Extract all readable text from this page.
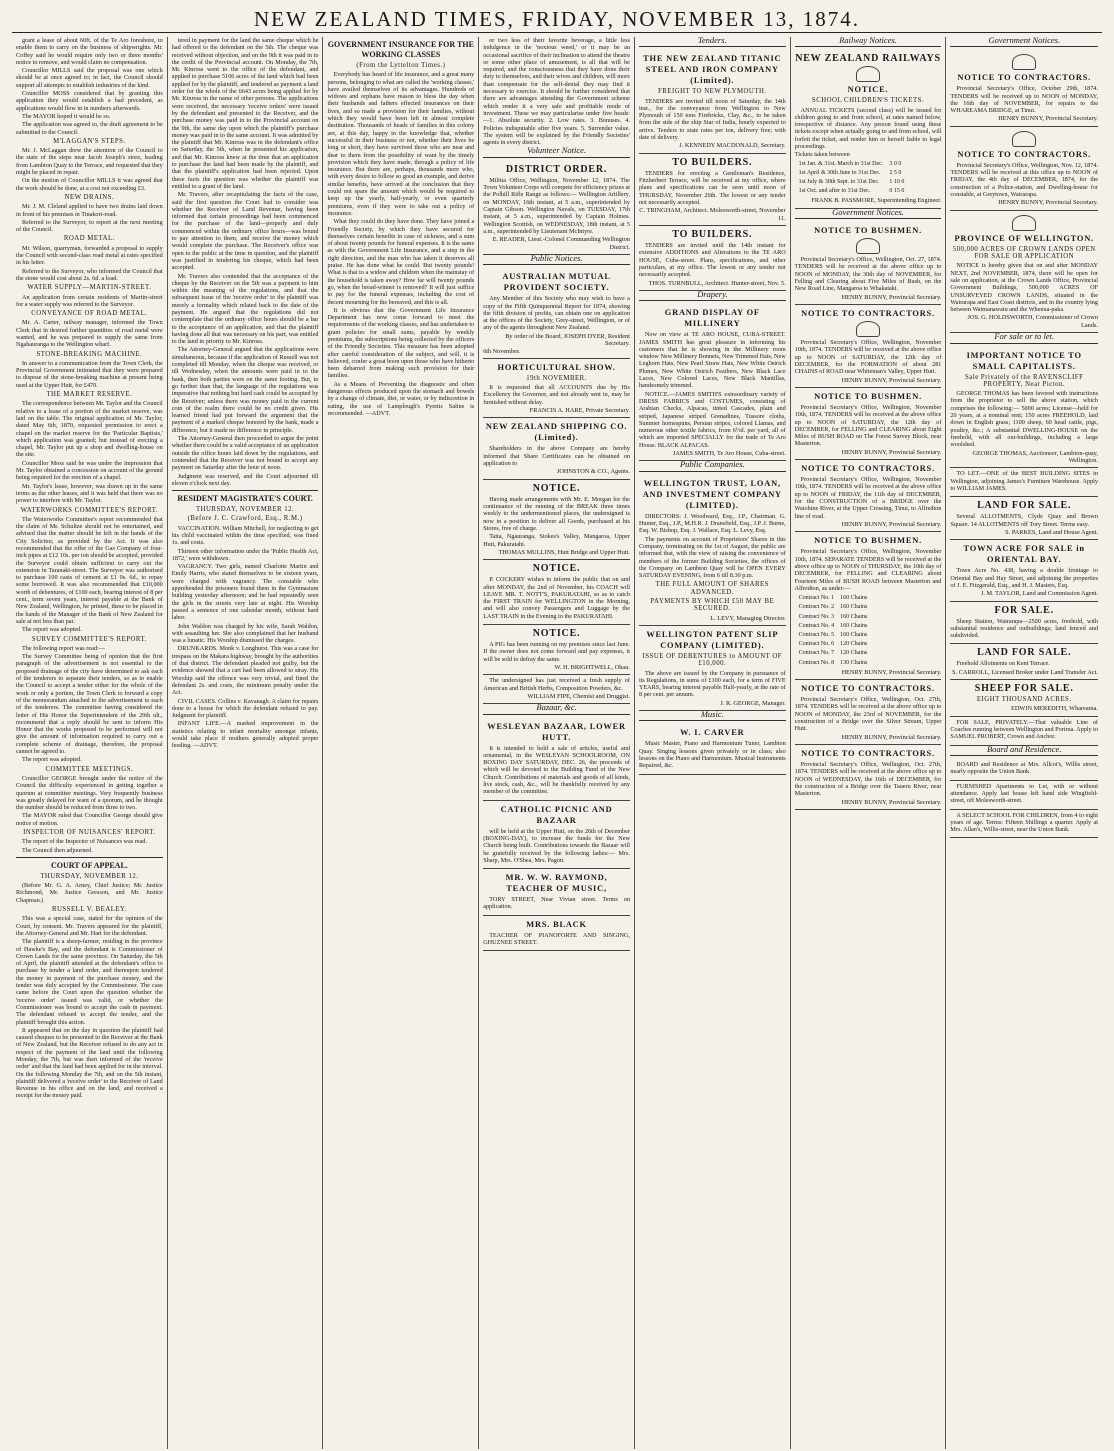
NEW ZEALAND TIMES, FRIDAY, NOVEMBER 13, 1874.

grant a lease of about 60ft. of the Te Aro foreshore, to enable them to carry on the business of shipwrights. Mr. Coffey said he would require only two or three months' notice to remove, and would claim no compensation.

Councillor MILLS said the proposal was one which should be at once agreed to; in fact, the Council should support all attempts to establish industries of the kind.

Councillor MOSS considered that by granting this application they would establish a bad precedent, as applications would flow in in numbers afterwards.

The MAYOR hoped it would be so.

The application was agreed to, the draft agreement to be submitted to the Council.

M'LAGGAN'S STEPS.

Mr. J. McLaggan drew the attention of the Council to the state of the steps near Jacob Joseph's store, leading from Lambton Quay to the Terrace, and requested that they might be placed in repair.

On the motion of Councillor MILLS it was agreed that the work should be done, at a cost not exceeding £3.

NEW DRAINS.

Mr. J. M. Cleland applied to have two drains laid down in front of his premises in Tinakori-road.

Referred to the Surveyor, to report at the next meeting of the Council.

ROAD METAL.

Mr. Wilson, quarryman, forwarded a proposal to supply the Council with second-class road metal at rates specified in his letter.

Referred to the Surveyor, who informed the Council that the stone would cost about 2s. 6d. a load.

WATER SUPPLY—MARTIN-STREET.

An application from certain residents of Martin-street for a water supply was referred to the Surveyor.

CONVEYANCE OF ROAD METAL.

Mr. A. Carter, railway manager, informed the Town Clerk that in desired further quantities of road metal were wanted, and he was prepared to supply the same from Ngahauranga to the Wellington wharf.

STONE-BREAKING MACHINE.

In answer to a communication from the Town Clerk, the Provincial Government intimated that they were prepared to dispose of the stone-breaking machine at present being used at the Upper Hutt, for £470.

THE MARKET RESERVE.

The correspondence between Mr. Taylor and the Council relative to a lease of a portion of the market reserve, was laid on the table. The original application of Mr. Taylor, dated May 6th, 1870, requested permission to erect a chapel on the market reserve for the 'Particular Baptists,' which application was granted; but instead of erecting a chapel, Mr. Taylor put up a shop and dwelling-house on the site.

Councillor Moss said he was under the impression that Mr. Taylor obtained a concession on account of the ground being required for the erection of a chapel.

Mr. Taylor's lease, however, was drawn up in the same terms as the other leases, and it was held that there was no power to interfere with Mr. Taylor.

WATERWORKS COMMITTEE'S REPORT.

The Waterworks Committee's report recommended that the claim of Mr. Schultze should not be entertained, and advised that the matter should be left in the hands of the City Solicitor, as provided by the Act. It was also recommended that the offer of the Gas Company of four-inch pipes at £12 10s. per ton should be accepted, provided the Surveyor could obtain sufficient to carry out the extension in Taranaki-street. The Surveyor was authorised to purchase 100 casts of cement at £1 0s. 6d., to repay some borrowed. It was also recommended that £10,000 worth of debentures, of £100 each, bearing interest of 8 per cent., term seven years, interest payable at the Bank of New Zealand, Wellington, be printed, these to be placed in the hands of the Manager of the Bank of New Zealand for sale at not less than par.

The report was adopted.

SURVEY COMMITTEE'S REPORT.

The following report was read:—

The Survey Committee being of opinion that the first paragraph of the advertisement is not essential to the proposed drainage of the city have determined to ask each of the tenderers to separate their tenders, so as to enable the Council to accept a tender either for the whole of the work or only a portion, the Town Clerk to forward a copy of the memorandum attached to the advertisement to each of the tenderers. The committee having considered the letter of His Honor the Superintendent of the 29th ult., recommend that a reply should be sent to inform His Honor that the works proposed to be performed will not give the amount of information required to carry out a complete scheme of drainage, therefore, the proposal cannot be agreed to.

The report was adopted.

COMMITTEE MEETINGS.

Councillor GEORGE brought under the notice of the Council the difficulty experienced in getting together a quorum at committee meetings. Very frequently business was greatly delayed for want of a quorum, and he thought the number should be reduced from three to two.

The MAYOR ruled that Councillor George should give notice of motion.

INSPECTOR OF NUISANCES' REPORT.

The report of the Inspector of Nuisances was read.

The Council then adjourned.

COURT OF APPEAL.
THURSDAY, NOVEMBER 12.

(Before Mr. G. A. Arney, Chief Justice; Mr. Justice Richmond, Mr. Justice Gresson, and Mr. Justice Chapman.)

RUSSELL V. BEALEY.

This was a special case, stated for the opinion of the Court, by consent. Mr. Travers appeared for the plaintiff, the Attorney-General and Mr. Hart for the defendant.

The plaintiff is a sheep-farmer, residing in the province of Hawke's Bay, and the defendant is Commissioner of Crown Lands for the same province. On Saturday, the 5th of April, the plaintiff attended at the defendant's office to purchase by tender a land order, and thereupon tendered the money in payment of the purchase money, and the tender was duly accepted by the Commissioner. The case came before the Court upon the question whether the 'receive order' issued was valid, or whether the Commissioner was bound to accept the cash in payment. The defendant refused to accept the tender, and the plaintiff brought this action.

It appeared that on the day in question the plaintiff had caused cheques to be presented to the Receiver at the Bank of New Zealand, but the Receiver refused to do any act in respect of the payment of the land until the following Monday, the 7th, but was then informed of the 'receive order' and that the land had been applied for in the interval. On the following Monday the 7th, and on the 5th instant, plaintiff delivered a 'receive order' to the Receiver of Land Revenue in his office and on the land, and received a receipt for the money paid.

tered in payment for the land the same cheque which he had offered to the defendant on the 5th. The cheque was received without objection, and on the 9th it was paid in to the credit of the Provincial account. On Monday, the 7th, Mr. Kinross went to the office of the defendant, and applied to purchase 5106 acres of the land which had been applied for by the plaintiff, and tendered as payment a land order for the whole of the 6643 acres being applied for by Mr. Kinross in the name of other persons. The applications were received, the necessary 'receive orders' were issued by the defendant and presented to the Receiver, and the purchase money was paid in to the Provincial account on the 9th, the same day upon which the plaintiff's purchase money was paid in to the same account. It was admitted by the plaintiff that Mr. Kinross was in the defendant's office on Saturday, the 5th, when he presented his application, and that Mr. Kinross knew at the time that an application to purchase the land had been made by the plaintiff, and that the plaintiff's application had been rejected. Upon these facts the question was whether the plaintiff was entitled to a grant of the land.

Mr. Travers, after recapitulating the facts of the case, said the first question the Court had to consider was whether the Receiver of Land Revenue, having been informed that certain proceedings had been commenced for the purchase of the land—properly and duly commenced within the ordinary office hours—was bound to pay attention to them, and receive the money which would complete the purchase. The Receiver's office was open to the public at the time in question, and the plaintiff was justified in tendering his cheque, which had been accepted.

Mr. Travers also contended that the acceptance of the cheque by the Receiver on the 5th was a payment to him within the meaning of the regulations, and that the subsequent issue of the 'receive order' to the plaintiff was merely a formality which related back to the date of the payment. He argued that the regulations did not contemplate that the ordinary office hours should be a bar to the acceptance of an application, and that the plaintiff having done all that was necessary on his part, was entitled to the land in priority to Mr. Kinross.

The Attorney-General argued that the applications were simultaneous, because if the application of Russell was not completed till Monday, when the cheque was received, or till Wednesday, when the amounts were paid in to the bank, then both parties were on the same footing. But, to go further than that, the language of the regulations was imperative that nothing but hard cash could be accepted by the Receiver; unless there was money paid in the current coin of the realm there could be no credit given. His learned friend had put forward the argument that the payment of a marked cheque honored by the bank, made a difference, but it made no difference in principle.

The Attorney-General then proceeded to argue the point whether there could be a valid acceptance of an application outside the office hours laid down by the regulations, and contended that the Receiver was not bound to accept any payment on Saturday after the hour of noon.

Judgment was reserved, and the Court adjourned till eleven o'clock next day.

RESIDENT MAGISTRATE'S COURT.
THURSDAY, NOVEMBER 12.
(Before J. C. Crawford, Esq., R.M.)

VACCINATION. William Mitchell, for neglecting to get his child vaccinated within the time specified, was fined 1s. and costs.

Thirteen other information under the 'Public Health Act, 1872,' were withdrawn.

VAGRANCY. Two girls, named Charlotte Martin and Emily Harris, who stated themselves to be sixteen years, were charged with vagrancy. The constable who apprehended the prisoners found them in the Gymnasium building yesterday afternoon; and he had repeatedly seen the girls in the streets very late at night. His Worship passed a sentence of one calendar month, without hard labor.

John Waldon was charged by his wife, Sarah Waldon, with assaulting her. She also complained that her husband was a lunatic. His Worship dismissed the charges.

DRUNKARDS. Monk v. Longhurst. This was a case for trespass on the Makara highway, brought by the authorities of that district. The defendant pleaded not guilty, but the evidence showed that a cart had been allowed to stray. His Worship said the offence was very trivial, and fined the defendant 2s. and costs, the minimum penalty under the Act.

CIVIL CASES. Collins v. Kavanagh. A claim for repairs done to a house for which the defendant refused to pay. Judgment for plaintiff.

INFANT LIFE.—A marked improvement in the statistics relating to infant mortality amongst infants, would take place if mothers generally adopted proper feeding. —ADVT.

GOVERNMENT INSURANCE FOR THE WORKING CLASSES
(From the Lyttelton Times.)

Everybody has heard of life insurance, and a great many persons, belonging to what are called the 'working classes,' have availed themselves of its advantages. Hundreds of widows and orphans have reason to bless the day when their husbands and fathers effected insurances on their lives, and so made a provision for their families, without which they would have been left in almost complete destitution. Thousands of heads of families in this colony are, at this day, happy in the knowledge that, whether successful in their business or not, whether their lives be long or short, they have survived those who are near and dear to them from the possibility of want by the timely provision which they have made, through a policy of life insurance. But there are, perhaps, thousands more who, with every desire to follow so good an example, and derive similar benefits, have arrived at the conclusion that they could not spare the amount which would be required to keep up the yearly, half-yearly, or even quarterly premiums, even if they were to take out a policy of insurance.

What they could do they have done. They have joined a Friendly Society, by which they have secured for themselves certain benefits in case of sickness, and a sum of about twenty pounds for funeral expenses. It is the same as with the Government Life Insurance, and a step in the right direction, and the man who has taken it deserves all praise. He has done what he could. But twenty pounds! What is that to a widow and children when the mainstay of the household is taken away? How far will twenty pounds go, when the bread-winner is removed? It will just suffice to pay for the funeral expenses, including the cost of decent mourning for the bereaved, and this is all.

It is obvious that the Government Life Insurance Department has now come forward to meet the requirements of the working classes, and has undertaken to grant policies for small sums, payable by weekly premiums, the subscriptions being collected by the officers of the Friendly Societies. This measure has been adopted after careful consideration of the subject, and will, it is believed, confer a great boon upon those who have hitherto been debarred from making such provision for their families.

As a Means of Preventing the diagnostic and often dangerous effects produced upon the stomach and bowels by a change of climate, diet, or water, or by indiscretion in eating, the use of Lamplough's Pyretic Saline is recommended. —ADVT.

or two less of their favorite beverage, a little less indulgence in the 'noxious weed,' or it may be an occasional sacrifice of their inclination to attend the theatre or some other place of amusement, is all that will be required, and the consciousness that they have done their duty to themselves, and their wives and children, will more than compensate for the self-denial they may find it necessary to exercise. It should be further considered that there are advantages attending the Government scheme which render it a very safe and profitable mode of investment. These we may particularise under five heads:—1. Absolute security. 2. Low rates. 3. Bonuses. 4. Policies indisputable after five years. 5. Surrender value. The system will be explained by the Friendly Societies' agents in every district.

Volunteer Notice.
DISTRICT ORDER.

Militia Office, Wellington, November 12, 1874. The Town Volunteer Corps will compete for efficiency prizes at the Polhill Rifle Range as follows:— Wellington Artillery, on MONDAY, 16th instant, at 5 a.m., superintended by Captain Gibson. Wellington Navals, on TUESDAY, 17th instant, at 5 a.m., superintended by Captain Holmes. Wellington Scottish, on WEDNESDAY, 18th instant, at 5 a.m., superintended by Lieutenant McIntyre.

E. READER, Lieut.-Colonel Commanding Wellington District.
Public Notices.
AUSTRALIAN MUTUAL PROVIDENT SOCIETY.

Any Member of this Society who may wish to have a copy of the Fifth Quinquennial Report for 1874, showing the fifth division of profits, can obtain one on application at the offices of the Society, Grey-street, Wellington, or of any of the agents throughout New Zealand.

By order of the Board, JOSEPH DYER, Resident Secretary.
6th November.
HORTICULTURAL SHOW.
19th NOVEMBER.

It is requested that all ACCOUNTS due by His Excellency the Governor, and not already sent in, may be furnished without delay.

FRANCIS A. HARE, Private Secretary.
NEW ZEALAND SHIPPING CO. (Limited).

Shareholders in the above Company are hereby informed that Share Certificates can be obtained on application to

JOHNSTON & CO., Agents.
NOTICE.

Having made arrangements with Mr. E. Morgan for the continuance of the running of the BREAK three times weekly to the undermentioned places, the undersigned is now in a position to deliver all Goods, purchased at his Stores, free of charge.

Taita, Ngauranga, Stokes's Valley, Mangaroa, Upper Hutt, Pakuratahi.

THOMAS MULLINS, Hutt Bridge and Upper Hutt.
NOTICE.

P. COCKERY wishes to inform the public that on and after MONDAY, the 2nd of November, his COACH will LEAVE MR. T. NOTT'S, PAKURATAHI, so as to catch the FIRST TRAIN for WELLINGTON in the Morning, and will also convey Passengers and Luggage by the LAST TRAIN in the Evening to the PAKURATAHI.

NOTICE.

A PIG has been running on my premises since last June. If the owner does not come forward and pay expenses, it will be sold to defray the same.

W. H. BRIGHTWELL, Ohau.

The undersigned has just received a fresh supply of American and British Herbs, Composition Powders, &c.

WILLIAM FIPE, Chemist and Druggist.
Bazaar, &c.
WESLEYAN BAZAAR, LOWER HUTT.

It is intended to hold a sale of articles, useful and ornamental, in the WESLEYAN SCHOOLROOM, ON BOXING DAY SATURDAY, DEC. 26, the proceeds of which will be devoted to the Building Fund of the New Church. Contributions of materials and goods of all kinds, live stock, cash, &c., will be thankfully received by any member of the committee.

CATHOLIC PICNIC AND BAZAAR

will be held at the Upper Hutt, on the 26th of December (BOXING-DAY), to increase the funds for the New Church being built. Contributions towards the Bazaar will be gratefully received by the following ladies:— Mrs. Sharp, Mrs. O'Shea, Mrs. Pagon.

MR. W. W. RAYMOND, TEACHER OF MUSIC,

TORY STREET, Near Vivian street. Terms on application.

MRS. BLACK

TEACHER OF PIANOFORTE AND SINGING, GHUZNEE STREET.

Tenders.
THE NEW ZEALAND TITANIC STEEL AND IRON COMPANY (Limited).
FREIGHT TO NEW PLYMOUTH.

TENDERS are invited till noon of Saturday, the 14th inst., for the conveyance from Wellington to New Plymouth of 150 tons Firebricks, Clay, &c., to be taken from the side of the ship Star of India, hourly expected to arrive. Tenders to state rates per ton, delivery free; with date of delivery.

J. KENNEDY MACDONALD, Secretary.
TO BUILDERS.

TENDERS for erecting a Gentleman's Residence, Fitzherbert Terrace, will be received at my office, where plans and specifications can be seen until noon of THURSDAY, November 26th. The lowest or any tender not necessarily accepted.

C. TRINGHAM, Architect. Molesworth-street, November 11.
TO BUILDERS.

TENDERS are invited until the 14th instant for extensive ADDITIONS and Alterations to the TE ARO HOUSE, Cuba-street. Plans, specifications, and other particulars, at my office. The lowest or any tender not necessarily accepted.

THOS. TURNBULL, Architect. Hunter-street, Nov. 5.
Drapery.
GRAND DISPLAY OF MILLINERY

Now on view at TE ARO HOUSE, CUBA-STREET. JAMES SMITH has great pleasure in informing his customers that he is showing in the Millinery room window New Millinery Bonnets, New Trimmed Hats, New Leghorn Hats, New Pearl Straw Hats, New White Ostrich Plumes, New White Ostrich Feathers, New Black Lace Laces, New Colored Laces, New Black Mantillas, handsomely trimmed.

NOTICE.—JAMES SMITH'S extraordinary variety of DRESS FABRICS and COSTUMES, consisting of Arabian Checks, Alpacas, tinted Cascades, plain and striped, Japanese striped Grenadines, Tussore cloths, Summer homespuns, Persian stripes, colored Llamas, and numerous other textile fabrics, from 6½d. per yard, all of which are imported SPECIALLY for the trade of Te Aro House. BLACK ALPACAS.

JAMES SMITH, Te Aro House, Cuba-street.
Public Companies.
WELLINGTON TRUST, LOAN, AND INVESTMENT COMPANY (LIMITED).

DIRECTORS: J. Woodward, Esq., J.P., Chairman. G. Hunter, Esq., J.P., M.H.R. J. Dransfield, Esq., J.P. J. Burne, Esq. W. Bishop, Esq. J. Wallace, Esq. L. Levy, Esq.

The payments on account of Proprietors' Shares in this Company, terminating on the 1st of August, the public are informed that, with the view of raising the convenience of members of the former Building Societies, the offices of the Company on Lambton Quay will be OPEN EVERY SATURDAY EVENING, from 6 till 8.30 p.m.

THE FULL AMOUNT OF SHARES ADVANCED.
PAYMENTS BY WHICH £50 MAY BE SECURED.
L. LEVY, Managing Director.
WELLINGTON PATENT SLIP COMPANY (LIMITED).
ISSUE OF DEBENTURES to AMOUNT OF £10,000.

The above are issued by the Company in pursuance of its Regulations, in sums of £100 each, for a term of FIVE YEARS, bearing interest payable Half-yearly, at the rate of 8 per cent. per annum.

J. R. GEORGE, Manager.
Music.
W. I. CARVER

Music Master, Piano and Harmonium Tuner, Lambton Quay. Singing lessons given privately or in class; also lessons on the Piano and Harmonium. Musical Instruments Repaired, &c.

Railway Notices.
NEW ZEALAND RAILWAYS
NOTICE.
SCHOOL CHILDREN'S TICKETS.

ANNUAL TICKETS (second class) will be issued for children going to and from school, at rates named below, irrespective of distance. Any person found using these tickets except when actually going to and from school, will forfeit the ticket, and render him or herself liable to legal proceedings.

Tickets taken between
1st Jan. & 31st. March to 31st Dec.	3 0 0
1st April & 30th June to 31st Dec.	2 5 0
1st July & 30th Sept. to 31st Dec.	1 10 0
1st Oct. and after to 31st Dec.	0 15 0
FRANK B. PASSMORE, Superintending Engineer.
Government Notices.
NOTICE TO BUSHMEN.

Provincial Secretary's Office, Wellington, Oct. 27, 1874. TENDERS will be received at the above office up to NOON of MONDAY, the 30th day of NOVEMBER, for Felling and Clearing about Five Miles of Bush, on the New Road Line, Mangaroa to Whakataki.

HENRY BUNNY, Provincial Secretary.
NOTICE TO CONTRACTORS.

Provincial Secretary's Office, Wellington, November 10th, 1874. TENDERS will be received at the above office up to NOON of SATURDAY, the 12th day of DECEMBER, for the FORMATION of about 281 CHAINS of ROAD near Whiteman's Valley, Upper Hutt.

HENRY BUNNY, Provincial Secretary.
NOTICE TO BUSHMEN.

Provincial Secretary's Office, Wellington, November 10th, 1874. TENDERS will be received at the above office up to NOON of SATURDAY, the 12th day of DECEMBER, for FELLING and CLEARING about Eight Miles of BUSH ROAD on The Forest Survey Block, near Masterton.

HENRY BUNNY, Provincial Secretary.
NOTICE TO CONTRACTORS.

Provincial Secretary's Office, Wellington, November 10th, 1874. TENDERS will be received at the above office up to NOON of FRIDAY, the 11th day of DECEMBER, for the CONSTRUCTION of a BRIDGE over the Waiohine River, at the Upper Crossing, Tinui, to Alfredton line of road.

HENRY BUNNY, Provincial Secretary.
NOTICE TO BUSHMEN.

Provincial Secretary's Office, Wellington, November 10th, 1874. SEPARATE TENDERS will be received at the above office up to NOON of THURSDAY, the 10th day of DECEMBER, for FELLING and CLEARING about Fourteen Miles of BUSH ROAD between Masterton and Alfredton, as under:—

Contract No. 1	160 Chains
Contract No. 2	160 Chains
Contract No. 3	160 Chains
Contract No. 4	160 Chains
Contract No. 5	160 Chains
Contract No. 6	120 Chains
Contract No. 7	120 Chains
Contract No. 8	130 Chains
HENRY BUNNY, Provincial Secretary.
NOTICE TO CONTRACTORS.

Provincial Secretary's Office, Wellington, Oct. 27th, 1874. TENDERS will be received at the above office up to NOON of MONDAY, the 23rd of NOVEMBER, for the construction of a Bridge over the Silver Stream, Upper Hutt.

HENRY BUNNY, Provincial Secretary.
NOTICE TO CONTRACTORS.

Provincial Secretary's Office, Wellington, Oct. 27th, 1874. TENDERS will be received at the above office up to NOON of WEDNESDAY, the 16th of DECEMBER, for the construction of a Bridge over the Taueru River, near Masterton.

HENRY BUNNY, Provincial Secretary.
Government Notices.
NOTICE TO CONTRACTORS.

Provincial Secretary's Office, October 29th, 1874. TENDERS will be received up to NOON of MONDAY, the 16th day of NOVEMBER, for repairs to the WHAREAMA BRIDGE, at Tinui.

HENRY BUNNY, Provincial Secretary.
NOTICE TO CONTRACTORS.

Provincial Secretary's Office, Wellington, Nov. 12, 1874. TENDERS will be received at this office up to NOON of FRIDAY, the 4th day of DECEMBER, 1874, for the construction of a Police-station, and Dwelling-house for constable, at Greytown, Wairarapa.

HENRY BUNNY, Provincial Secretary.
PROVINCE OF WELLINGTON.
500,000 ACRES OF CROWN LANDS OPEN FOR SALE OR APPLICATION

NOTICE is hereby given that on and after MONDAY NEXT, 2nd NOVEMBER, 1874, there will be open for sale on application, at the Crown Lands Office, Provincial Government Buildings, 500,000 ACRES OF UNSURVEYED CROWN LANDS, situated in the Wairarapa and East Coast districts, and in the country lying between Waimanawatu and the Whenua-paka.

JOS. G. HOLDSWORTH, Commissioner of Crown Lands.
For sale or to let.
IMPORTANT NOTICE TO SMALL CAPITALISTS.
Sale Privately of the RAVENSCLIFF PROPERTY, Near Picton.

GEORGE THOMAS has been favored with instructions from the proprietor to sell the above station, which comprises the following:— 5000 acres; License—held for 20 years, at a nominal rent; 150 acres FREEHOLD, laid down in English grass; 1100 sheep, 60 head cattle, pigs, poultry, &c.; A substantial DWELLING-HOUSE on the freehold, with all out-buildings, including a large woolshed.

GEORGE THOMAS, Auctioneer, Lambton-quay, Wellington.

TO LET.—ONE of the BEST BUILDING SITES in Wellington, adjoining James's Furniture Warehouse. Apply to WILLIAM JAMES.

LAND FOR SALE.

Several ALLOTMENTS, Clyde Quay and Brown Square. 14 ALLOTMENTS off Tory Street. Terms easy.

S. PARKES, Land and House Agent.
TOWN ACRE FOR SALE in ORIENTAL BAY.

Town Acre No. 438, having a double frontage to Oriental Bay and Hay Street, and adjoining the properties of J. E. Fitzgerald, Esq., and H. J. Masters, Esq.

J. M. TAYLOR, Land and Commission Agent.
FOR SALE.

Sheep Station, Wairarapa—2500 acres, freehold, with substantial residence and outbuildings; land fenced and subdivided.

LAND FOR SALE.

Freehold Allotments on Kent Terrace.

S. CARROLL, Licensed Broker under Land Transfer Act.
SHEEP FOR SALE.
EIGHT THOUSAND ACRES.
EDWIN MEREDITH, Whareama.

FOR SALE, PRIVATELY.—That valuable Line of Coaches running between Wellington and Porirua. Apply to SAMUEL PROBERT, Crown and Anchor.

Board and Residence.

BOARD and Residence at Mrs. Allcot's, Willis street, nearly opposite the Union Bank.

FURNISHED Apartments to Let, with or without attendance. Apply last house left hand side Wingfield-street, off Molesworth-street.

A SELECT SCHOOL FOR CHILDREN, from 4 to eight years of age. Terms: Fifteen Shillings a quarter. Apply at Mrs. Allan's, Willis-street, near the Union Bank.
